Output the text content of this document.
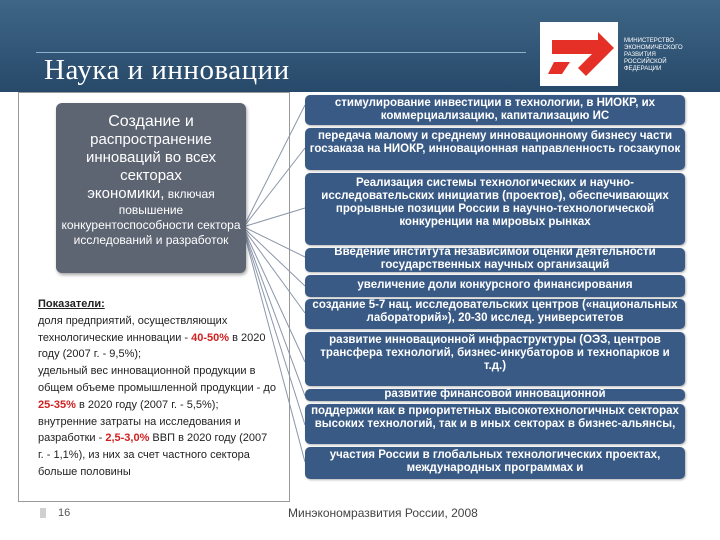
Наука и инновации
МИНИСТЕРСТВО
ЭКОНОМИЧЕСКОГО
РАЗВИТИЯ
РОССИЙСКОЙ
ФЕДЕРАЦИИ
Создание и
распространение
инноваций во всех
секторах
экономики, включая
повышение конкурентоспособности сектора исследований и разработок
Показатели:
доля предприятий, осуществляющих технологические инновации - 40-50% в 2020 году (2007 г. - 9,5%);
удельный вес инновационной продукции в общем объеме промышленной продукции - до 25-35% в 2020 году (2007 г. - 5,5%);
внутренние затраты на исследования и разработки - 2,5-3,0% ВВП в 2020 году (2007 г. - 1,1%), из них за счет частного сектора больше половины
стимулирование инвестиции в технологии, в НИОКР, их коммерциализацию, капитализацию ИС
передача малому и среднему инновационному бизнесу части госзаказа на НИОКР, инновационная направленность госзакупок
Реализация системы технологических и научно-исследовательских инициатив (проектов), обеспечивающих прорывные позиции России в научно-технологической конкуренции на мировых рынках
Введение института независимой оценки деятельности государственных научных организаций
увеличение доли конкурсного финансирования
создание 5-7 нац. исследовательских центров («национальных лабораторий»), 20-30 исслед. университетов
развитие инновационной инфраструктуры (ОЭЗ, центров трансфера технологий, бизнес-инкубаторов и технопарков и т.д.)
развитие финансовой инновационной
поддержки как в приоритетных высокотехнологичных секторах высоких технологий, так и в иных секторах в бизнес-альянсы,
участия России в глобальных технологических проектах, международных программах и
16	Минэкономразвития России, 2008
